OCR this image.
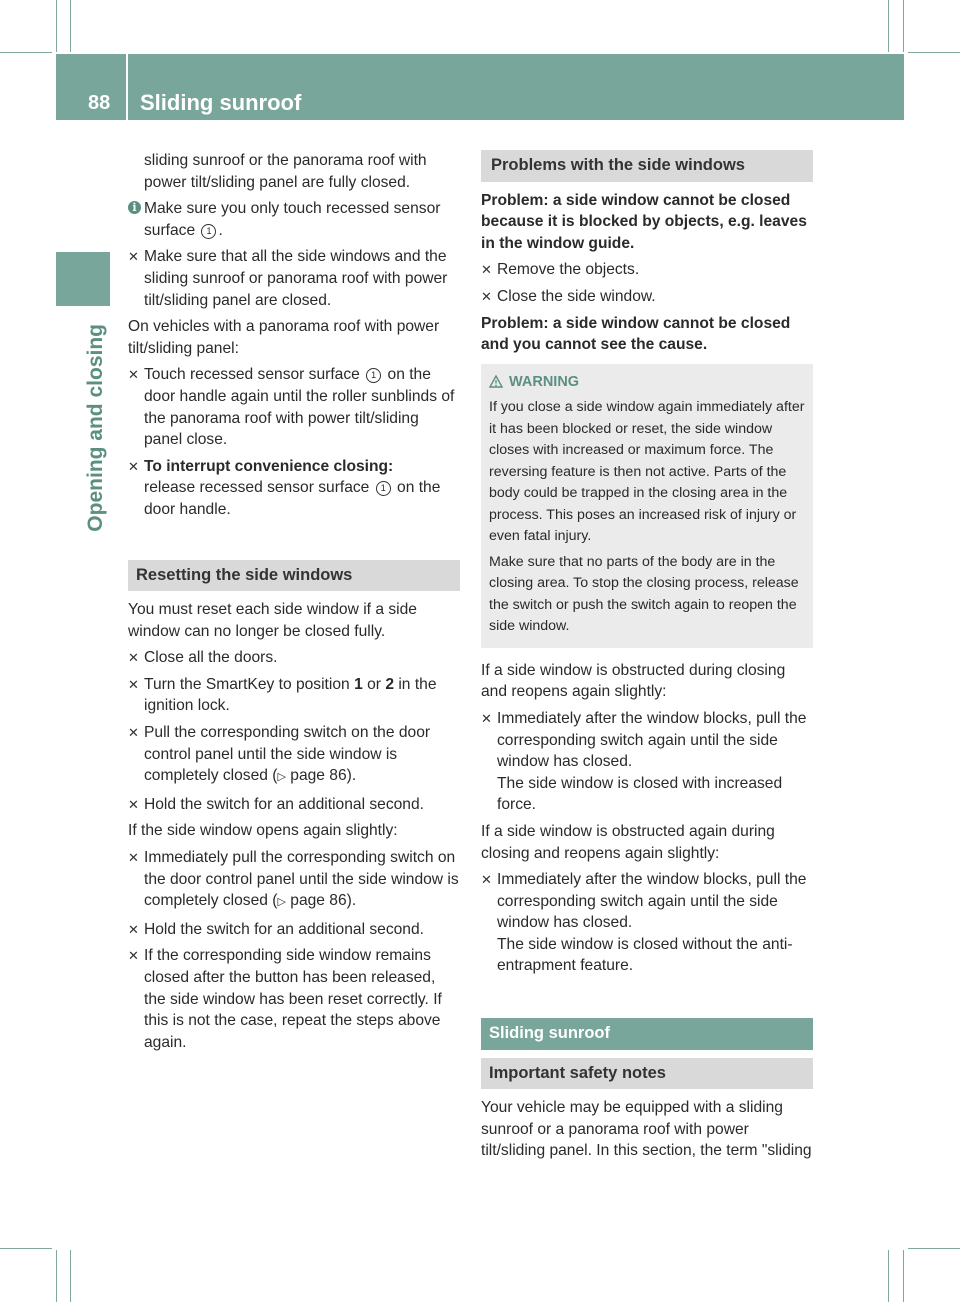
88 Sliding sunroof
Opening and closing

sliding sunroof or the panorama roof with power tilt/sliding panel are fully closed.

i Make sure you only touch recessed sensor surface 1 .
✕ Make sure that all the side windows and the sliding sunroof or panorama roof with power tilt/sliding panel are closed.

On vehicles with a panorama roof with power tilt/sliding panel:

✕ Touch recessed sensor surface 1 on the door handle again until the roller sunblinds of the panorama roof with power tilt/sliding panel close.
✕ To interrupt convenience closing:
release recessed sensor surface 1 on the door handle.
Resetting the side windows

You must reset each side window if a side window can no longer be closed fully.

✕ Close all the doors.
✕ Turn the SmartKey to position 1 or 2 in the ignition lock.
✕ Pull the corresponding switch on the door control panel until the side window is completely closed (▷ page 86).
✕ Hold the switch for an additional second.

If the side window opens again slightly:

✕ Immediately pull the corresponding switch on the door control panel until the side window is completely closed (▷ page 86).
✕ Hold the switch for an additional second.
✕ If the corresponding side window remains closed after the button has been released, the side window has been reset correctly. If this is not the case, repeat the steps above again.
Problems with the side windows

Problem: a side window cannot be closed because it is blocked by objects, e.g. leaves in the window guide.

✕ Remove the objects.
✕ Close the side window.

Problem: a side window cannot be closed and you cannot see the cause.

WARNING

If you close a side window again immediately after it has been blocked or reset, the side window closes with increased or maximum force. The reversing feature is then not active. Parts of the body could be trapped in the closing area in the process. This poses an increased risk of injury or even fatal injury.

Make sure that no parts of the body are in the closing area. To stop the closing process, release the switch or push the switch again to reopen the side window.

If a side window is obstructed during closing and reopens again slightly:

✕ Immediately after the window blocks, pull the corresponding switch again until the side window has closed.
The side window is closed with increased force.

If a side window is obstructed again during closing and reopens again slightly:

✕ Immediately after the window blocks, pull the corresponding switch again until the side window has closed.
The side window is closed without the anti-entrapment feature.
Sliding sunroof
Important safety notes

Your vehicle may be equipped with a sliding sunroof or a panorama roof with power tilt/sliding panel. In this section, the term "sliding
